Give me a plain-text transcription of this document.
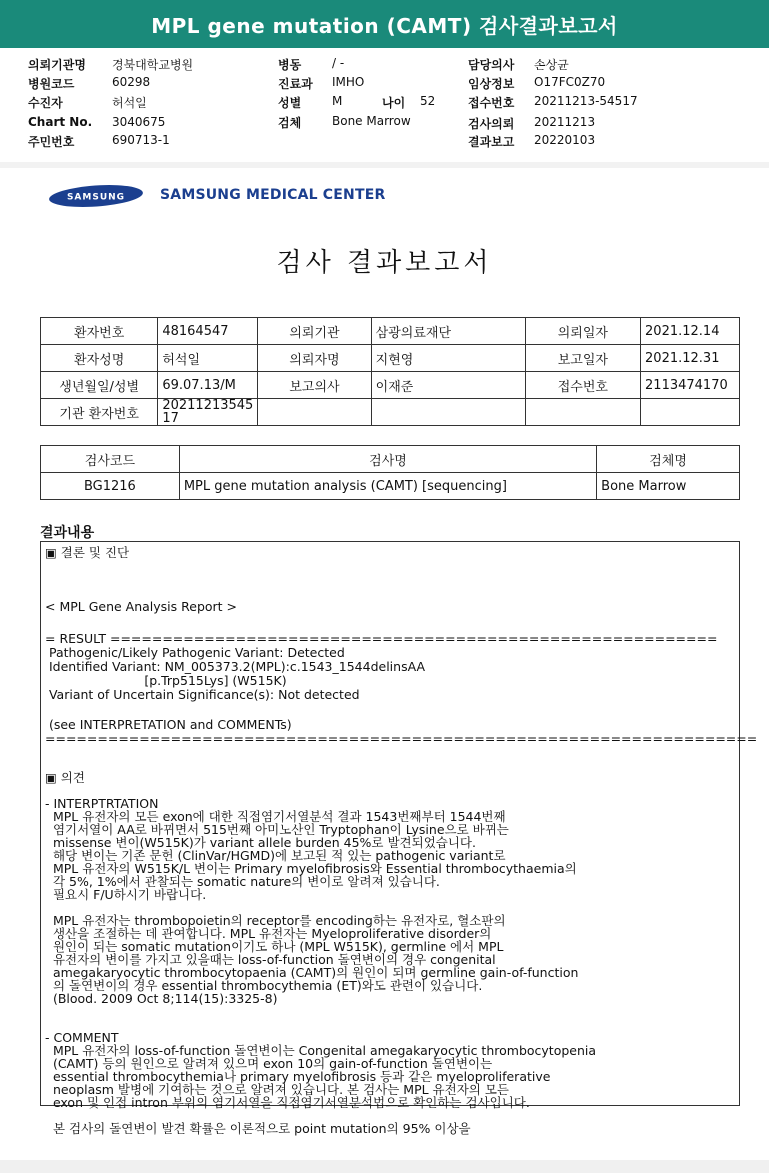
MPL gene mutation (CAMT) 검사결과보고서
의뢰기관명	경북대학교병원
병원코드	60298
수진자	허석일
Chart No.	3040675
주민번호	690713-1
병동	/ -
진료과	IMHO
성별	M	나이	52
검체	Bone Marrow
담당의사	손상균
임상정보	O17FC0Z70
접수번호	20211213-54517
검사의뢰	20211213
결과보고	20220103
SAMSUNG SAMSUNG MEDICAL CENTER
검사 결과보고서
환자번호	48164547	의뢰기관	삼광의료재단	의뢰일자	2021.12.14
환자성명	허석일	의뢰자명	지현영	보고일자	2021.12.31
생년월일/성별	69.07.13/M	보고의사	이재준	접수번호	2113474170
기관 환자번호	20211213545
17				
검사코드	검사명	검체명
BG1216	MPL gene mutation analysis (CAMT) [sequencing]	Bone Marrow
결과내용
▣ 결론 및 진단
< MPL Gene Analysis Report >
= RESULT ==========================================================
Pathogenic/Likely Pathogenic Variant: Detected
Identified Variant: NM_005373.2(MPL):c.1543_1544delinsAA
[p.Trp515Lys] (W515K)
Variant of Uncertain Significance(s): Not detected
(see INTERPRETATION and COMMENTs)
====================================================================
▣ 의견
- INTERPTRTATION
MPL 유전자의 모든 exon에 대한 직접염기서열분석 결과 1543번째부터 1544번째
염기서열이 AA로 바뀌면서 515번째 아미노산인 Tryptophan이 Lysine으로 바뀌는
missense 변이(W515K)가 variant allele burden 45%로 발견되었습니다.
해당 변이는 기존 문헌 (ClinVar/HGMD)에 보고된 적 있는 pathogenic variant로
MPL 유전자의 W515K/L 변이는 Primary myelofibrosis와 Essential thrombocythaemia의
각 5%, 1%에서 관찰되는 somatic nature의 변이로 알려져 있습니다.
필요시 F/U하시기 바랍니다.
MPL 유전자는 thrombopoietin의 receptor를 encoding하는 유전자로, 혈소판의
생산을 조절하는 데 관여합니다. MPL 유전자는 Myeloproliferative disorder의
원인이 되는 somatic mutation이기도 하나 (MPL W515K), germline 에서 MPL
유전자의 변이를 가지고 있을때는 loss-of-function 돌연변이의 경우 congenital
amegakaryocytic thrombocytopaenia (CAMT)의 원인이 되며 germline gain-of-function
의 돌연변이의 경우 essential thrombocythemia (ET)와도 관련이 있습니다.
(Blood. 2009 Oct 8;114(15):3325-8)
- COMMENT
MPL 유전자의 loss-of-function 돌연변이는 Congenital amegakaryocytic thrombocytopenia
(CAMT) 등의 원인으로 알려져 있으며 exon 10의 gain-of-function 돌연변이는
essential thrombocythemia나 primary myelofibrosis 등과 같은 myeloproliferative
neoplasm 발병에 기여하는 것으로 알려져 있습니다. 본 검사는 MPL 유전자의 모든
exon 및 인접 intron 부위의 염기서열을 직접염기서열분석법으로 확인하는 검사입니다.
본 검사의 돌연변이 발견 확률은 이론적으로 point mutation의 95% 이상을
